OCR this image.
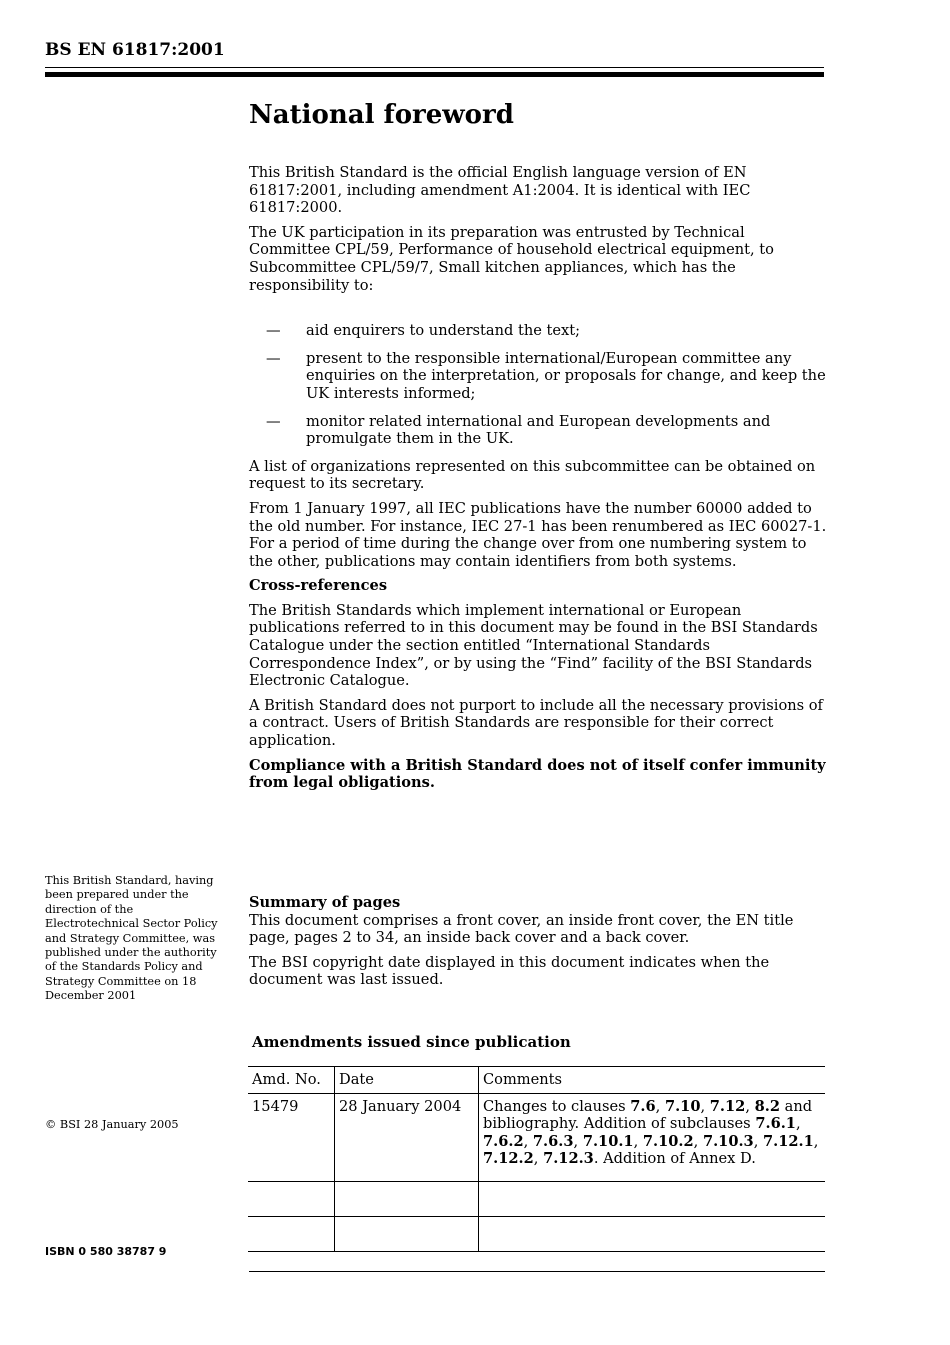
BS EN 61817:2001
National foreword

This British Standard is the official English language version of EN 61817:2001, including amendment A1:2004. It is identical with IEC 61817:2000.

The UK participation in its preparation was entrusted by Technical Committee CPL/59, Performance of household electrical equipment, to Subcommittee CPL/59/7, Small kitchen appliances, which has the responsibility to:

— aid enquirers to understand the text;
— present to the responsible international/European committee any enquiries on the interpretation, or proposals for change, and keep the UK interests informed;
— monitor related international and European developments and promulgate them in the UK.

A list of organizations represented on this subcommittee can be obtained on request to its secretary.

From 1 January 1997, all IEC publications have the number 60000 added to the old number. For instance, IEC 27-1 has been renumbered as IEC 60027-1. For a period of time during the change over from one numbering system to the other, publications may contain identifiers from both systems.

Cross-references

The British Standards which implement international or European publications referred to in this document may be found in the BSI Standards Catalogue under the section entitled “International Standards Correspondence Index”, or by using the “Find” facility of the BSI Standards Electronic Catalogue.

A British Standard does not purport to include all the necessary provisions of a contract. Users of British Standards are responsible for their correct application.

Compliance with a British Standard does not of itself confer immunity from legal obligations.

This British Standard, having been prepared under the direction of the Electrotechnical Sector Policy and Strategy Committee, was published under the authority of the Standards Policy and Strategy Committee on 18 December 2001
© BSI 28 January 2005
ISBN 0 580 38787 9

Summary of pages

This document comprises a front cover, an inside front cover, the EN title page, pages 2 to 34, an inside back cover and a back cover.

The BSI copyright date displayed in this document indicates when the document was last issued.

Amendments issued since publication
Amd. No.	Date	Comments
15479	28 January 2004	Changes to clauses 7.6, 7.10, 7.12, 8.2 and bibliography. Addition of subclauses 7.6.1, 7.6.2, 7.6.3, 7.10.1, 7.10.2, 7.10.3, 7.12.1, 7.12.2, 7.12.3. Addition of Annex D.
